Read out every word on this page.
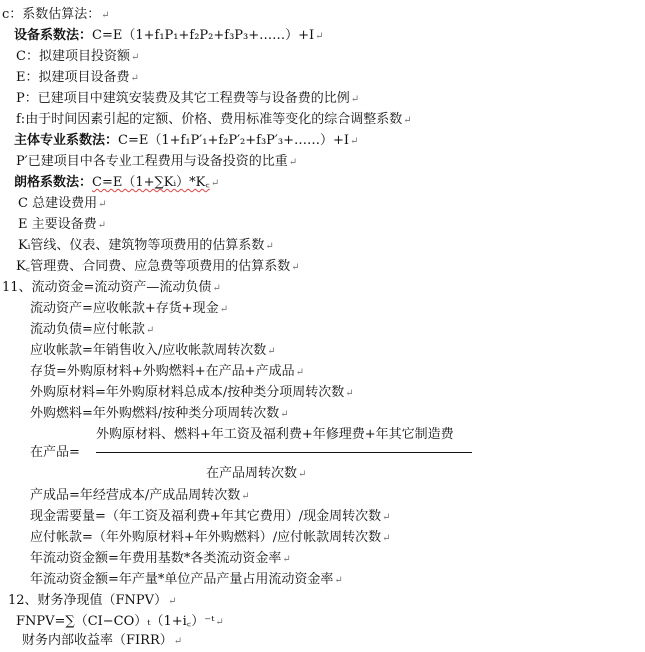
c：系数估算法：↵
设备系数法：C=E（1+f₁P₁+f₂P₂+f₃P₃+……）+I↵
C：拟建项目投资额↵
E：拟建项目设备费↵
P：已建项目中建筑安装费及其它工程费等与设备费的比例↵
f:由于时间因素引起的定额、价格、费用标准等变化的综合调整系数↵
主体专业系数法：C=E（1+f₁P′₁+f₂P′₂+f₃P′₃+……）+I↵
P′已建项目中各专业工程费用与设备投资的比重↵
朗格系数法：C=E（1+∑Kᵢ）*K꜀↵
C 总建设费用↵
E 主要设备费↵
Kᵢ管线、仪表、建筑物等项费用的估算系数↵
K꜀管理费、合同费、应急费等项费用的估算系数↵
11、流动资金=流动资产—流动负债↵
流动资产=应收帐款+存货+现金↵
流动负债=应付帐款↵
应收帐款=年销售收入/应收帐款周转次数↵
存货=外购原材料+外购燃料+在产品+产成品↵
外购原材料=年外购原材料总成本/按种类分项周转次数↵
外购燃料=年外购燃料/按种类分项周转次数↵
外购原材料、燃料+年工资及福利费+年修理费+年其它制造费
在产品=
在产品周转次数↵
产成品=年经营成本/产成品周转次数↵
现金需要量=（年工资及福利费+年其它费用）/现金周转次数↵
应付帐款=（年外购原材料+年外购燃料）/应付帐款周转次数↵
年流动资金额=年费用基数*各类流动资金率↵
年流动资金额=年产量*单位产品产量占用流动资金率↵
12、财务净现值（FNPV）↵
FNPV=∑（CI−CO）ₜ（1+i꜀）⁻ᵗ↵
财务内部收益率（FIRR）↵
